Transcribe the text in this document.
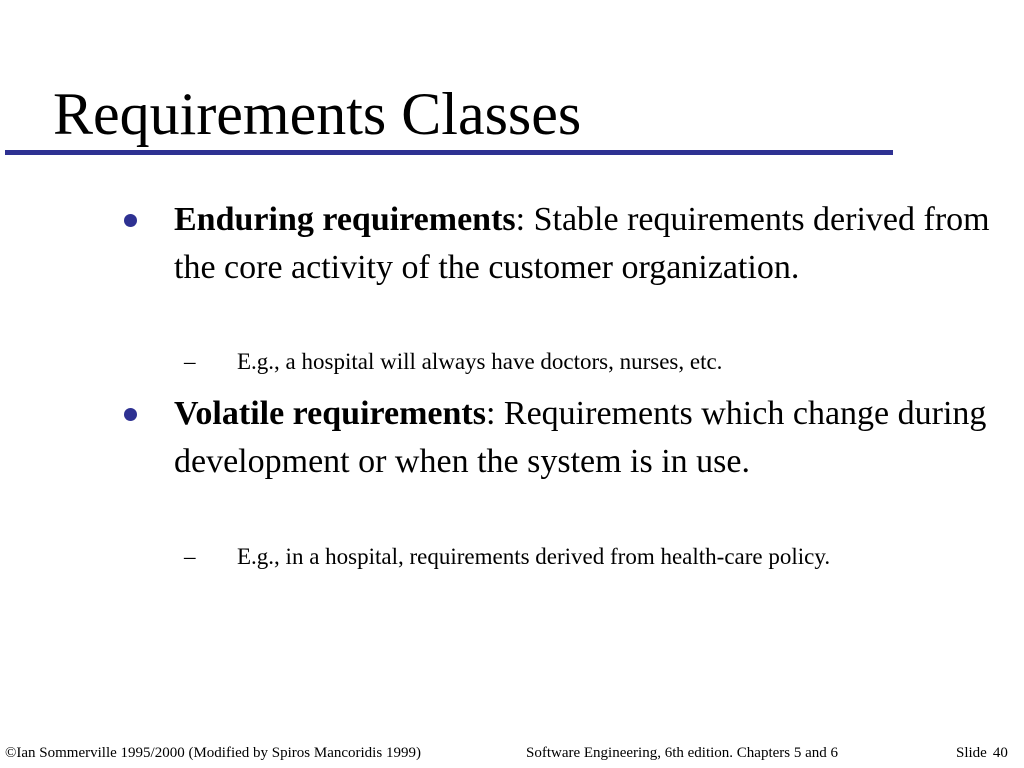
Requirements Classes
Enduring requirements: Stable requirements derived from the core activity of the customer organization.
– E.g., a hospital will always have doctors, nurses, etc.
Volatile requirements: Requirements which change during development or when the system is in use.
– E.g., in a hospital, requirements derived from health-care policy.
©Ian Sommerville 1995/2000 (Modified by Spiros Mancoridis 1999)	Software Engineering, 6th edition. Chapters 5 and 6	Slide 40
